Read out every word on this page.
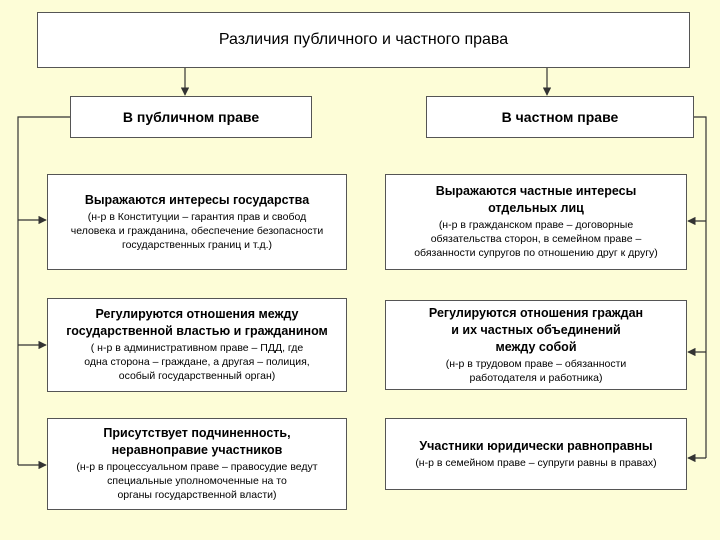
Различия публичного и частного права
В публичном праве	В частном праве
Выражаются интересы государства
(н-р в Конституции – гарантия прав и свобод
человека и гражданина, обеспечение безопасности
государственных границ и т.д.)
Регулируются отношения между
государственной властью и гражданином
( н-р в административном праве – ПДД, где
одна сторона – граждане, а другая – полиция,
особый государственный орган)
Присутствует подчиненность,
неравноправие участников
(н-р в процессуальном праве – правосудие ведут
специальные уполномоченные на то
органы государственной власти)
Выражаются частные интересы
отдельных лиц
(н-р в гражданском праве – договорные
обязательства сторон, в семейном праве –
обязанности супругов по отношению друг к другу)
Регулируются отношения граждан
и их частных объединений
между собой
(н-р в трудовом праве – обязанности
работодателя и работника)
Участники юридически равноправны
(н-р в семейном праве – супруги равны в правах)
